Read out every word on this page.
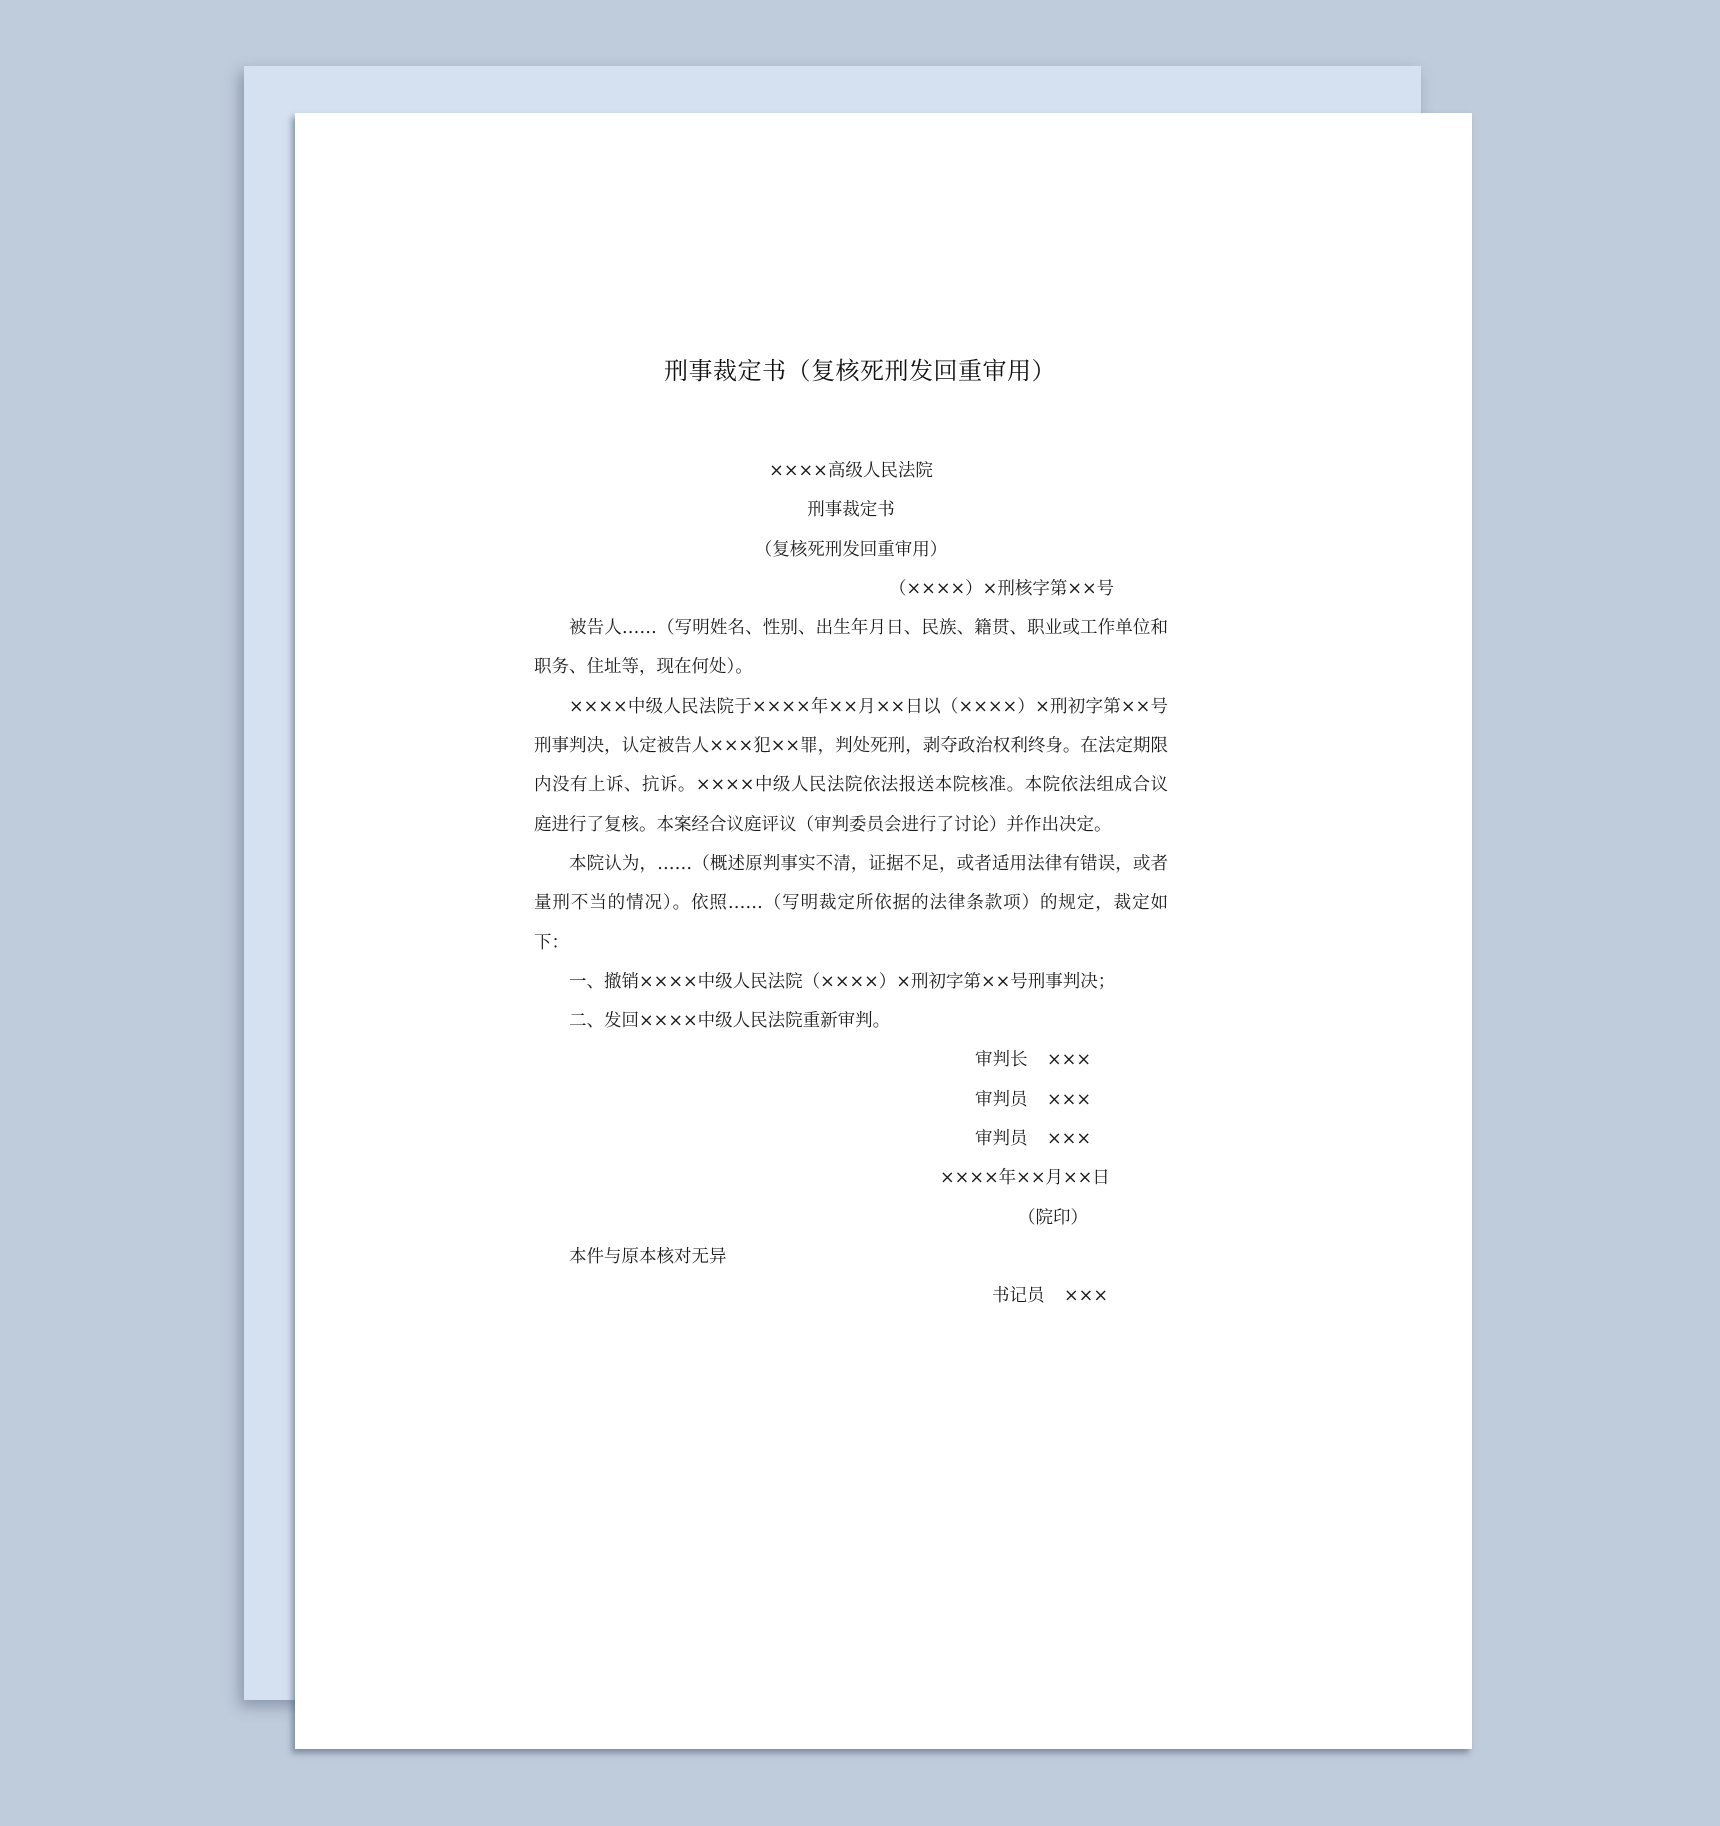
刑事裁定书（复核死刑发回重审用）
××××高级人民法院
刑事裁定书
（复核死刑发回重审用）
（××××）×刑核字第××号
被告人……（写明姓名、性别、出生年月日、民族、籍贯、职业或工作单位和职务、住址等，现在何处）。
××××中级人民法院于××××年××月××日以（××××）×刑初字第××号刑事判决，认定被告人×××犯××罪，判处死刑，剥夺政治权利终身。在法定期限内没有上诉、抗诉。××××中级人民法院依法报送本院核准。本院依法组成合议庭进行了复核。本案经合议庭评议（审判委员会进行了讨论）并作出决定。
本院认为，……（概述原判事实不清，证据不足，或者适用法律有错误，或者量刑不当的情况）。依照……（写明裁定所依据的法律条款项）的规定，裁定如下：
一、撤销××××中级人民法院（××××）×刑初字第××号刑事判决；
二、发回××××中级人民法院重新审判。
审判长 ×××
审判员 ×××
审判员 ×××
××××年××月××日
（院印）
本件与原本核对无异
书记员 ×××
